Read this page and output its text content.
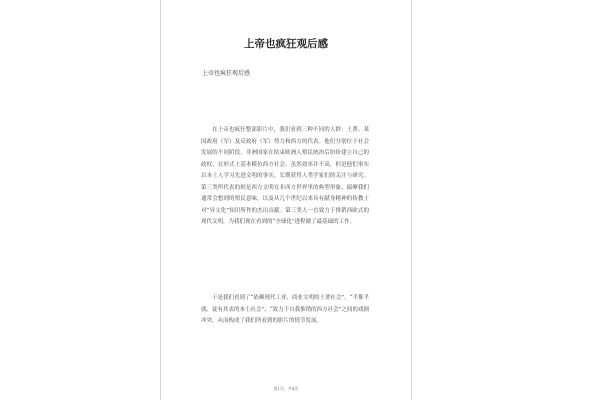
上帝也疯狂观后感
上帝也疯狂观后感

在上帝也疯狂整部影片中，我们看到三种不同的人群：土著、某国政府（军）及反政府（军）势力和西方的代表。他们分别位于社会发展的不同阶段，非洲国家在结束欧洲人殖民统治后纷纷建立自己的政权，在形式上基本模仿西方社会。虽然效率并不高，但是他们事实以本土人学习先进文明的事实，长期获得人类学家们的关注与研究。第三类所代表的则是西方文明在非西方世界里的典型形象，揣摩我们通常会想到的殖民意味，以及从几个世纪以来具有献身精神的传教士对“异文化”知识所作的杰出贡献。第三类人一直致力于推销西欧式的现代文明，为我们现在看到的“全球化”进程做了最基础的工作。

于是我们看到了“依赖现代工业、商业文明的土著社会”、“半推半就、徒有其表的本土社会”、“致力于自我推销的西方社会”之间的戏剧冲突，从而构成了我们所看到的影片的情节发展。

第1页，共4页
